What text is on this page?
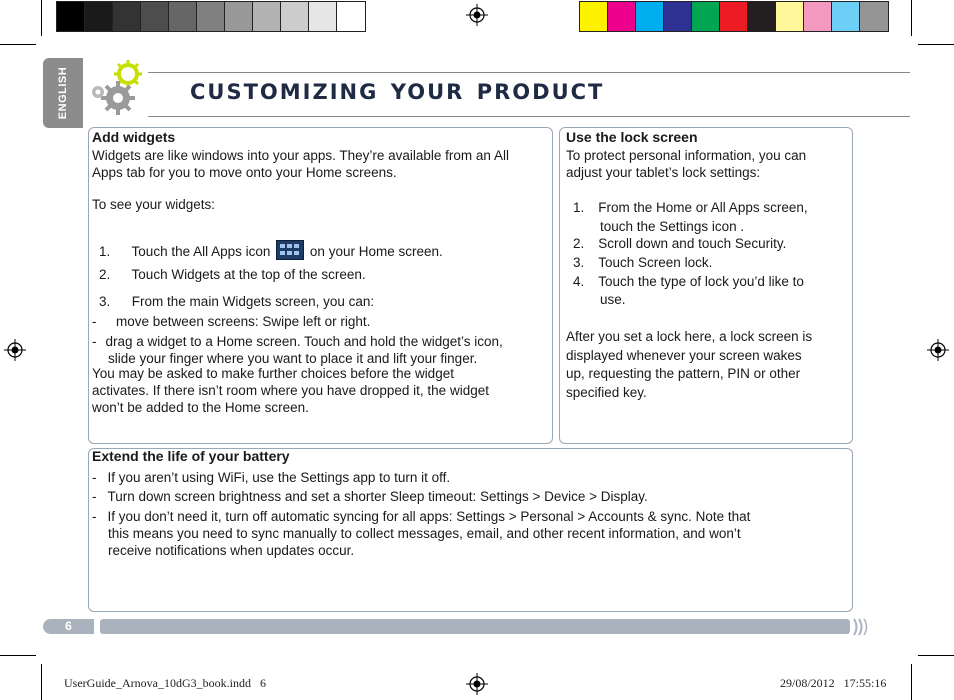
ENGLISH	customizing your product
Add widgets
Widgets are like windows into your apps. They’re available from an All
Apps tab for you to move onto your Home screens.
To see your widgets:
1. Touch the All Apps icon	on your Home screen.
2. Touch Widgets at the top of the screen.
3. From the main Widgets screen, you can:
- move between screens: Swipe left or right.
- drag a widget to a Home screen. Touch and hold the widget’s icon,
slide your finger where you want to place it and lift your finger.
You may be asked to make further choices before the widget
activates. If there isn’t room where you have dropped it, the widget
won’t be added to the Home screen.
Use the lock screen
To protect personal information, you can
adjust your tablet’s lock settings:
1. From the Home or All Apps screen,
touch the Settings icon .
2. Scroll down and touch Security.
3. Touch Screen lock.
4. Touch the type of lock you’d like to
use.
After you set a lock here, a lock screen is
displayed whenever your screen wakes
up, requesting the pattern, PIN or other
specified key.
Extend the life of your battery
- If you aren’t using WiFi, use the Settings app to turn it off.
- Turn down screen brightness and set a shorter Sleep timeout: Settings > Device > Display.
- If you don’t need it, turn off automatic syncing for all apps: Settings > Personal > Accounts & sync. Note that
this means you need to sync manually to collect messages, email, and other recent information, and won’t
receive notifications when updates occur.
6
UserGuide_Arnova_10dG3_book.indd   6	29/08/2012   17:55:16
